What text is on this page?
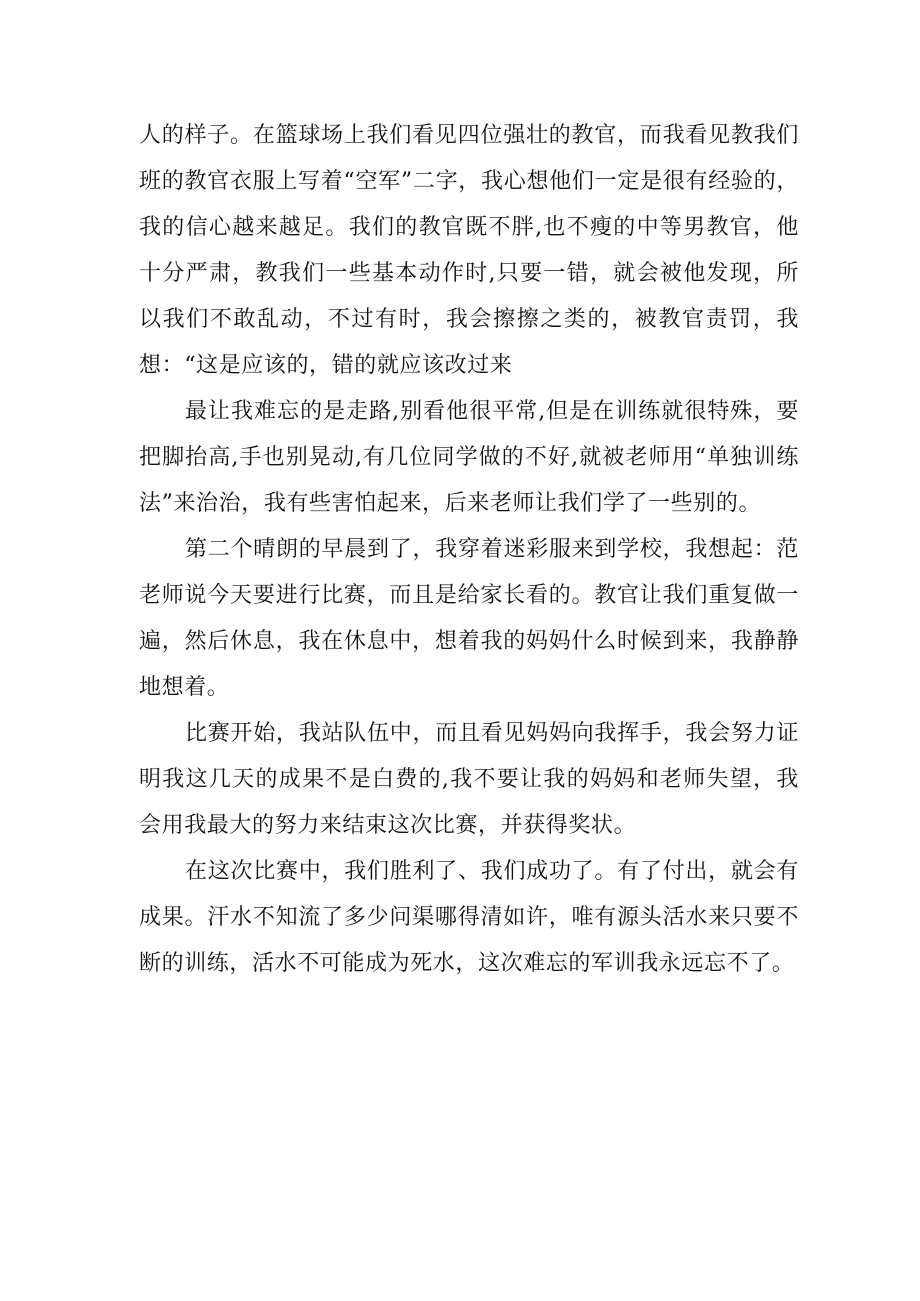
人的样子。在篮球场上我们看见四位强壮的教官，而我看见教我们班的教官衣服上写着“空军”二字，我心想他们一定是很有经验的，我的信心越来越足。我们的教官既不胖,也不瘦的中等男教官，他十分严肃，教我们一些基本动作时,只要一错，就会被他发现，所以我们不敢乱动，不过有时，我会擦擦之类的，被教官责罚，我想：“这是应该的，错的就应该改过来

最让我难忘的是走路,别看他很平常,但是在训练就很特殊，要把脚抬高,手也别晃动,有几位同学做的不好,就被老师用“单独训练法”来治治，我有些害怕起来，后来老师让我们学了一些别的。

第二个晴朗的早晨到了，我穿着迷彩服来到学校，我想起：范老师说今天要进行比赛，而且是给家长看的。教官让我们重复做一遍，然后休息，我在休息中，想着我的妈妈什么时候到来，我静静地想着。

比赛开始，我站队伍中，而且看见妈妈向我挥手，我会努力证明我这几天的成果不是白费的,我不要让我的妈妈和老师失望，我会用我最大的努力来结束这次比赛，并获得奖状。

在这次比赛中，我们胜利了、我们成功了。有了付出，就会有成果。汗水不知流了多少问渠哪得清如许，唯有源头活水来只要不断的训练，活水不可能成为死水，这次难忘的军训我永远忘不了。
